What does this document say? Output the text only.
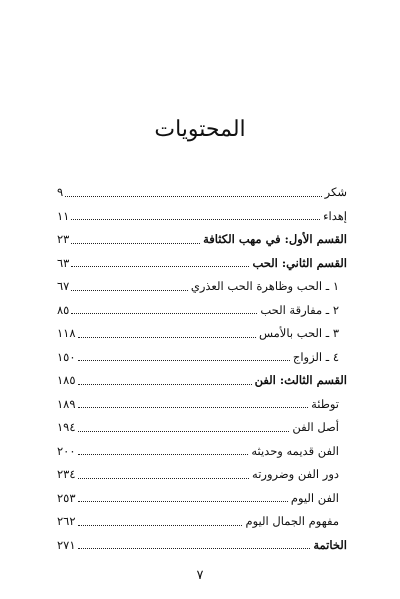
المحتويات
شكر
٩
إهداء
١١
القسم الأول: في مهب الكثافة
٢٣
القسم الثاني: الحب
٦٣
١ ـ الحب وظاهرة الحب العذري
٦٧
٢ ـ مفارقة الحب
٨٥
٣ ـ الحب بالأمس
١١٨
٤ ـ الزواج
١٥٠
القسم الثالث: الفن
١٨٥
توطئة
١٨٩
أصل الفن
١٩٤
الفن قديمه وحديثه
٢٠٠
دور الفن وضرورته
٢٣٤
الفن اليوم
٢٥٣
مفهوم الجمال اليوم
٢٦٢
الخاتمة
٢٧١
٧
